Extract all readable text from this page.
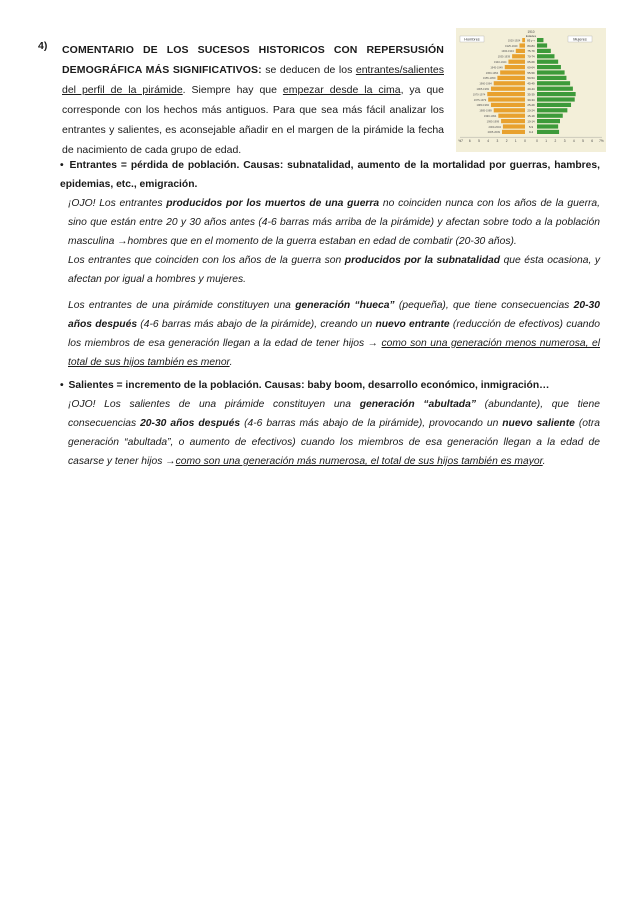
4) COMENTARIO DE LOS SUCESOS HISTORICOS CON REPERSUSIÓN DEMOGRÁFICA MÁS SIGNIFICATIVOS: se deducen de los entrantes/salientes del perfil de la pirámide. Siempre hay que empezar desde la cima, ya que corresponde con los hechos más antiguos. Para que sea más fácil analizar los entrantes y salientes, es aconsejable añadir en el margen de la pirámide la fecha de nacimiento de cada grupo de edad.
1910
Hombres	Mujeres
Edades
85 y +
1920-1924
80-84
1925-1929
75-79
1930-1934
70-74
1935-1939
65-69
1940-1944
60-64
1945-1949
55-59
1950-1954
50-54
1955-1959
45-49
1960-1964
40-44
1965-1969
35-39
1970-1974
30-34
1975-1979
25-29
1980-1984
20-24
1985-1989
15-19
1990-1994
10-14
1995-1999
5-9
2000-2004
0-4
2005-2009
%7 6 5 4 3 2 1 0	0 1 2 3 4 5 6 7%

• Entrantes = pérdida de población. Causas: subnatalidad, aumento de la mortalidad por guerras, hambres, epidemias, etc., emigración.

¡OJO! Los entrantes producidos por los muertos de una guerra no coinciden nunca con los años de la guerra, sino que están entre 20 y 30 años antes (4-6 barras más arriba de la pirámide) y afectan sobre todo a la población masculina →hombres que en el momento de la guerra estaban en edad de combatir (20-30 años).

Los entrantes que coinciden con los años de la guerra son producidos por la subnatalidad que ésta ocasiona, y afectan por igual a hombres y mujeres.

Los entrantes de una pirámide constituyen una generación “hueca” (pequeña), que tiene consecuencias 20-30 años después (4-6 barras más abajo de la pirámide), creando un nuevo entrante (reducción de efectivos) cuando los miembros de esa generación llegan a la edad de tener hijos → como son una generación menos numerosa, el total de sus hijos también es menor.

• Salientes = incremento de la población. Causas: baby boom, desarrollo económico, inmigración…

¡OJO! Los salientes de una pirámide constituyen una generación “abultada” (abundante), que tiene consecuencias 20-30 años después (4-6 barras más abajo de la pirámide), provocando un nuevo saliente (otra generación “abultada”, o aumento de efectivos) cuando los miembros de esa generación llegan a la edad de casarse y tener hijos →como son una generación más numerosa, el total de sus hijos también es mayor.
